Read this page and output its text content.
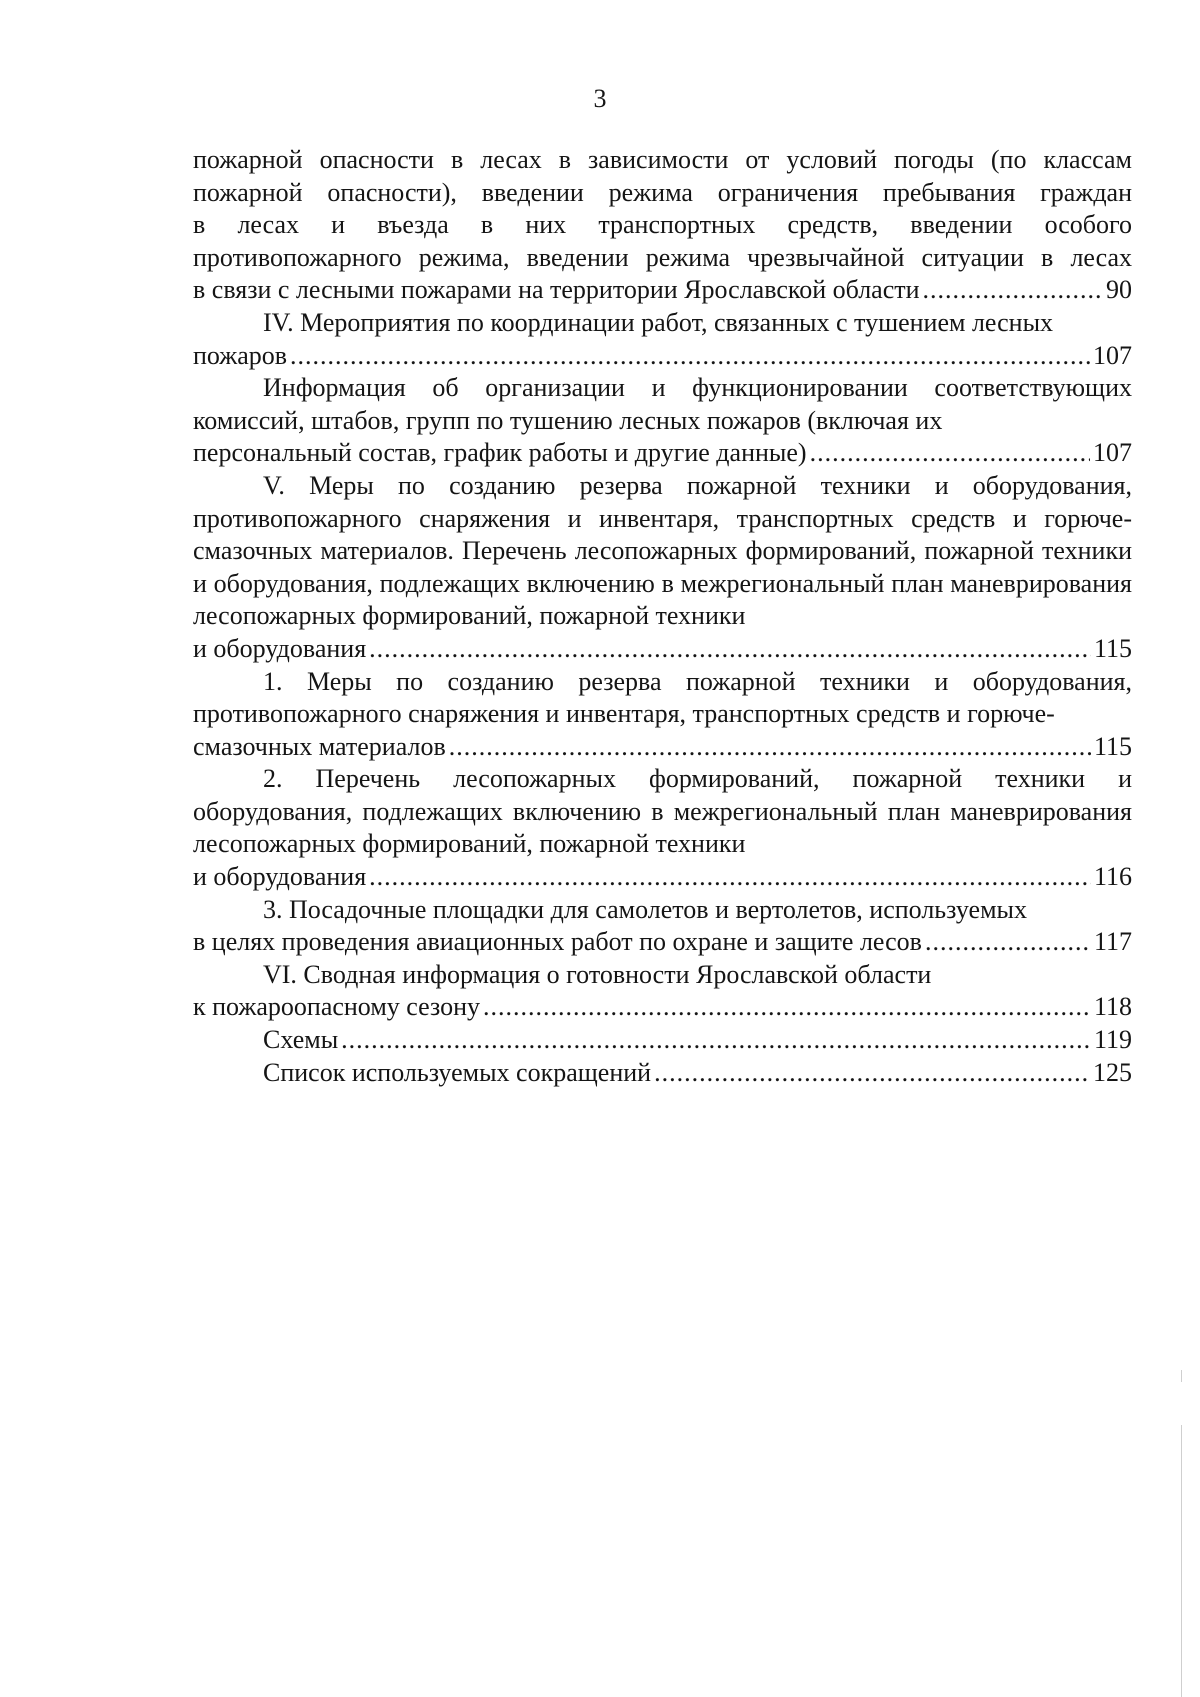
3
пожарной опасности в лесах в зависимости от условий погоды (по классам
пожарной опасности), введении режима ограничения пребывания граждан
в лесах и въезда в них транспортных средств, введении особого
противопожарного режима, введении режима чрезвычайной ситуации в лесах
в связи с лесными пожарами на территории Ярославской области .....	90
IV. Мероприятия по координации работ, связанных с тушением лесных
пожаров .....	107
Информация об организации и функционировании соответствующих комиссий, штабов, групп по тушению лесных пожаров (включая их
персональный состав, график работы и другие данные) .....	107
V. Меры по созданию резерва пожарной техники и оборудования, противопожарного снаряжения и инвентаря, транспортных средств и горюче-смазочных материалов. Перечень лесопожарных формирований, пожарной техники и оборудования, подлежащих включению в межрегиональный план маневрирования лесопожарных формирований, пожарной техники
и оборудования .....	115
1. Меры по созданию резерва пожарной техники и оборудования, противопожарного снаряжения и инвентаря, транспортных средств и горюче-
смазочных материалов .....	115
2. Перечень лесопожарных формирований, пожарной техники и оборудования, подлежащих включению в межрегиональный план маневрирования лесопожарных формирований, пожарной техники
и оборудования .....	116
3. Посадочные площадки для самолетов и вертолетов, используемых
в целях проведения авиационных работ по охране и защите лесов .....	117
VI. Сводная информация о готовности Ярославской области
к пожароопасному сезону .....	118
Схемы .....	119
Список используемых сокращений .....	125
